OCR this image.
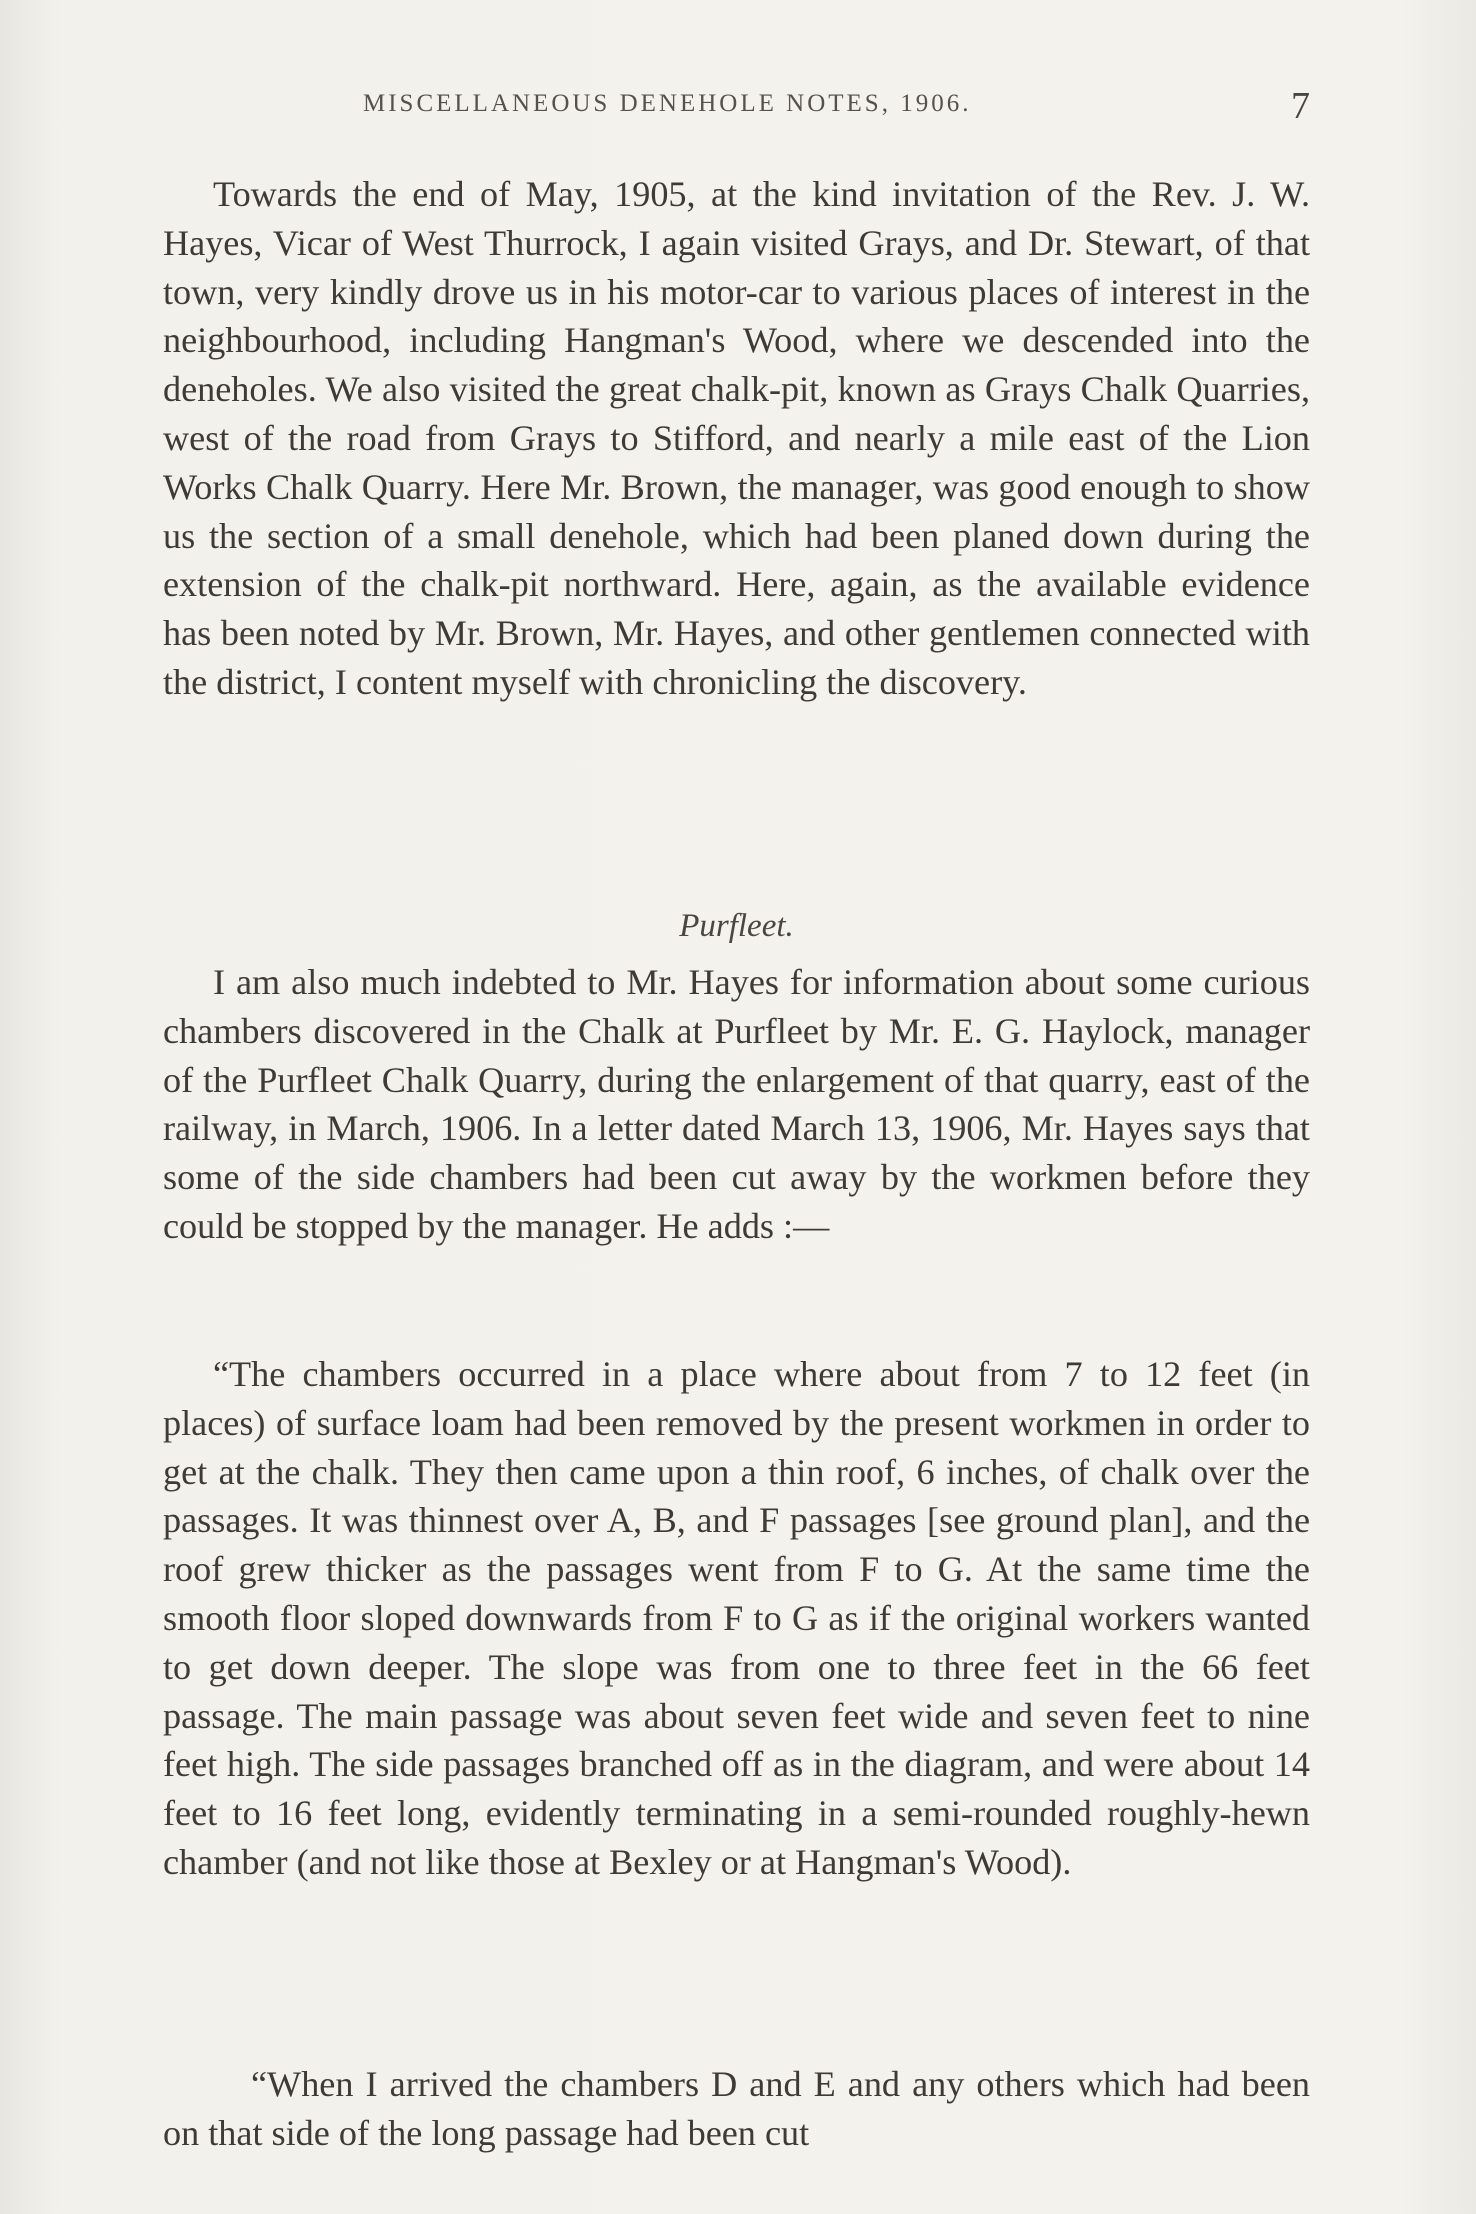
MISCELLANEOUS DENEHOLE NOTES, 1906.	7

Towards the end of May, 1905, at the kind invitation of the Rev. J. W. Hayes, Vicar of West Thurrock, I again visited Grays, and Dr. Stewart, of that town, very kindly drove us in his motor-car to various places of interest in the neighbourhood, including Hangman's Wood, where we descended into the deneholes. We also visited the great chalk-pit, known as Grays Chalk Quarries, west of the road from Grays to Stifford, and nearly a mile east of the Lion Works Chalk Quarry. Here Mr. Brown, the manager, was good enough to show us the section of a small denehole, which had been planed down during the extension of the chalk-pit northward. Here, again, as the available evidence has been noted by Mr. Brown, Mr. Hayes, and other gentlemen connected with the district, I content myself with chronicling the discovery.

Purfleet.

I am also much indebted to Mr. Hayes for information about some curious chambers discovered in the Chalk at Purfleet by Mr. E. G. Haylock, manager of the Purfleet Chalk Quarry, during the enlargement of that quarry, east of the railway, in March, 1906. In a letter dated March 13, 1906, Mr. Hayes says that some of the side chambers had been cut away by the workmen before they could be stopped by the manager. He adds :—

“The chambers occurred in a place where about from 7 to 12 feet (in places) of surface loam had been removed by the present workmen in order to get at the chalk. They then came upon a thin roof, 6 inches, of chalk over the passages. It was thinnest over A, B, and F passages [see ground plan], and the roof grew thicker as the passages went from F to G. At the same time the smooth floor sloped downwards from F to G as if the original workers wanted to get down deeper. The slope was from one to three feet in the 66 feet passage. The main passage was about seven feet wide and seven feet to nine feet high. The side passages branched off as in the diagram, and were about 14 feet to 16 feet long, evidently terminating in a semi-rounded roughly-hewn chamber (and not like those at Bexley or at Hangman's Wood).

“When I arrived the chambers D and E and any others which had been on that side of the long passage had been cut
